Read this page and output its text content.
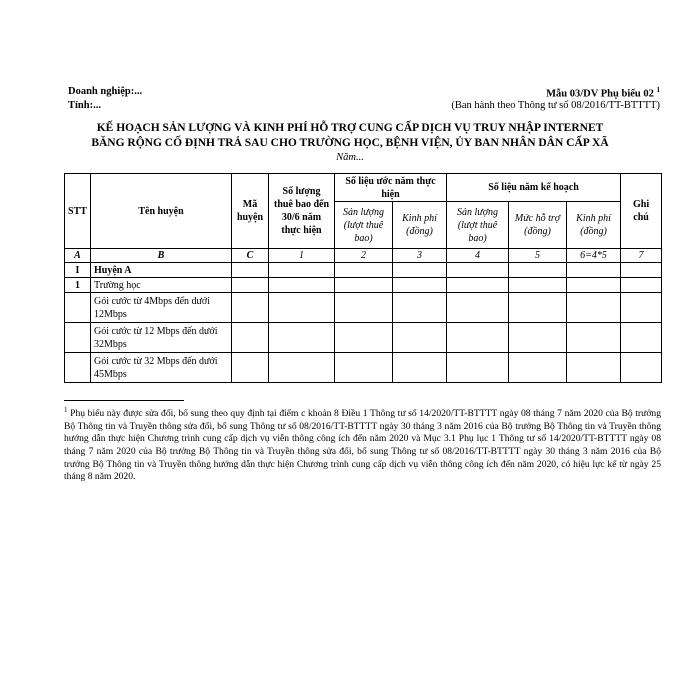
Doanh nghiệp:...
Tỉnh:...
Mẫu 03/DV Phụ biểu 02 $^1$
(Ban hành theo Thông tư số 08/2016/TT-BTTTT)
KẾ HOẠCH SẢN LƯỢNG VÀ KINH PHÍ HỖ TRỢ CUNG CẤP DỊCH VỤ TRUY NHẬP INTERNET
BĂNG RỘNG CỐ ĐỊNH TRẢ SAU CHO TRƯỜNG HỌC, BỆNH VIỆN, ỦY BAN NHÂN DÂN CẤP XÃ
Năm...
STT	Tên huyện	Mã huyện	Số lượng thuê bao đến 30/6 năm thực hiện	Số liệu ước năm thực hiện		Số liệu năm kế hoạch			Ghi chú
				Sản lượng (lượt thuê bao)	Kinh phí (đồng)	Sản lượng (lượt thuê bao)	Mức hỗ trợ (đồng)	Kinh phí (đồng)	
A	B	C	1	2	3	4	5	6=4*5	7
I	Huyện A								
1	Trường học								
	Gói cước từ 4Mbps đến dưới 12Mbps								
	Gói cước từ 12 Mbps đến dưới 32Mbps								
	Gói cước từ 32 Mbps đến dưới 45Mbps								
$^1$ Phụ biểu này được sửa đổi, bổ sung theo quy định tại điểm c khoản 8 Điều 1 Thông tư số 14/2020/TT-BTTTT ngày 08 tháng 7 năm 2020 của Bộ trưởng Bộ Thông tin và Truyền thông sửa đổi, bổ sung Thông tư số 08/2016/TT-BTTTT ngày 30 tháng 3 năm 2016 của Bộ trưởng Bộ Thông tin và Truyền thông hướng dẫn thực hiện Chương trình cung cấp dịch vụ viễn thông công ích đến năm 2020 và Mục 3.1 Phụ lục 1 Thông tư số 14/2020/TT-BTTTT ngày 08 tháng 7 năm 2020 của Bộ trưởng Bộ Thông tin và Truyền thông sửa đổi, bổ sung Thông tư số 08/2016/TT-BTTTT ngày 30 tháng 3 năm 2016 của Bộ trưởng Bộ Thông tin và Truyền thông hướng dẫn thực hiện Chương trình cung cấp dịch vụ viễn thông công ích đến năm 2020, có hiệu lực kể từ ngày 25 tháng 8 năm 2020.
